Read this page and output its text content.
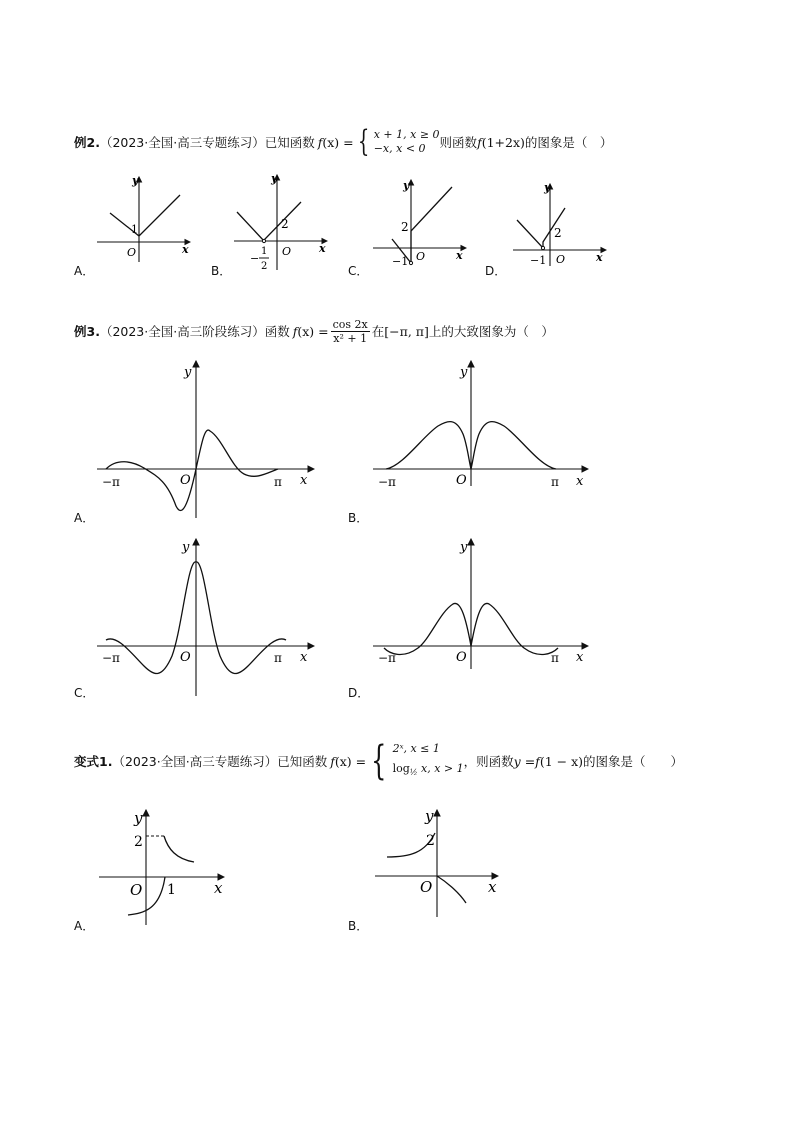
例2 . （2023·全国·高三专题练习） 已知函数 f (x) = { x + 1, x ≥ 0
−x, x < 0	则函数 f (1+2x) 的图象是（　）
A．
y
x
O
1
B．
y
x
O
2
−
1
2	C．
y
x
O
2
−1
D．
y
x
O
2
−1
例3 . （2023·全国·高三阶段练习） 函数 f $(x) = \frac{\cos 2x}{\text{x² + 1}}$ 在 [−π, π] 上的大致图象为（　）
A．
y
x
O
−π	π
B．
y
x
O
−π	π
C．
y
x
O
−π	π
D．
y
x
O
−π	π
变式1 . （2023·全国·高三专题练习） 已知函数 f (x) = { 2ˣ, x ≤ 1
$\log_{\frac{1}{2}} x$, x > 1 ，则函数 y = f (1 − x) 的图象是（　　）
A．
y
x
O
2
1
B．
y
x
O
2
